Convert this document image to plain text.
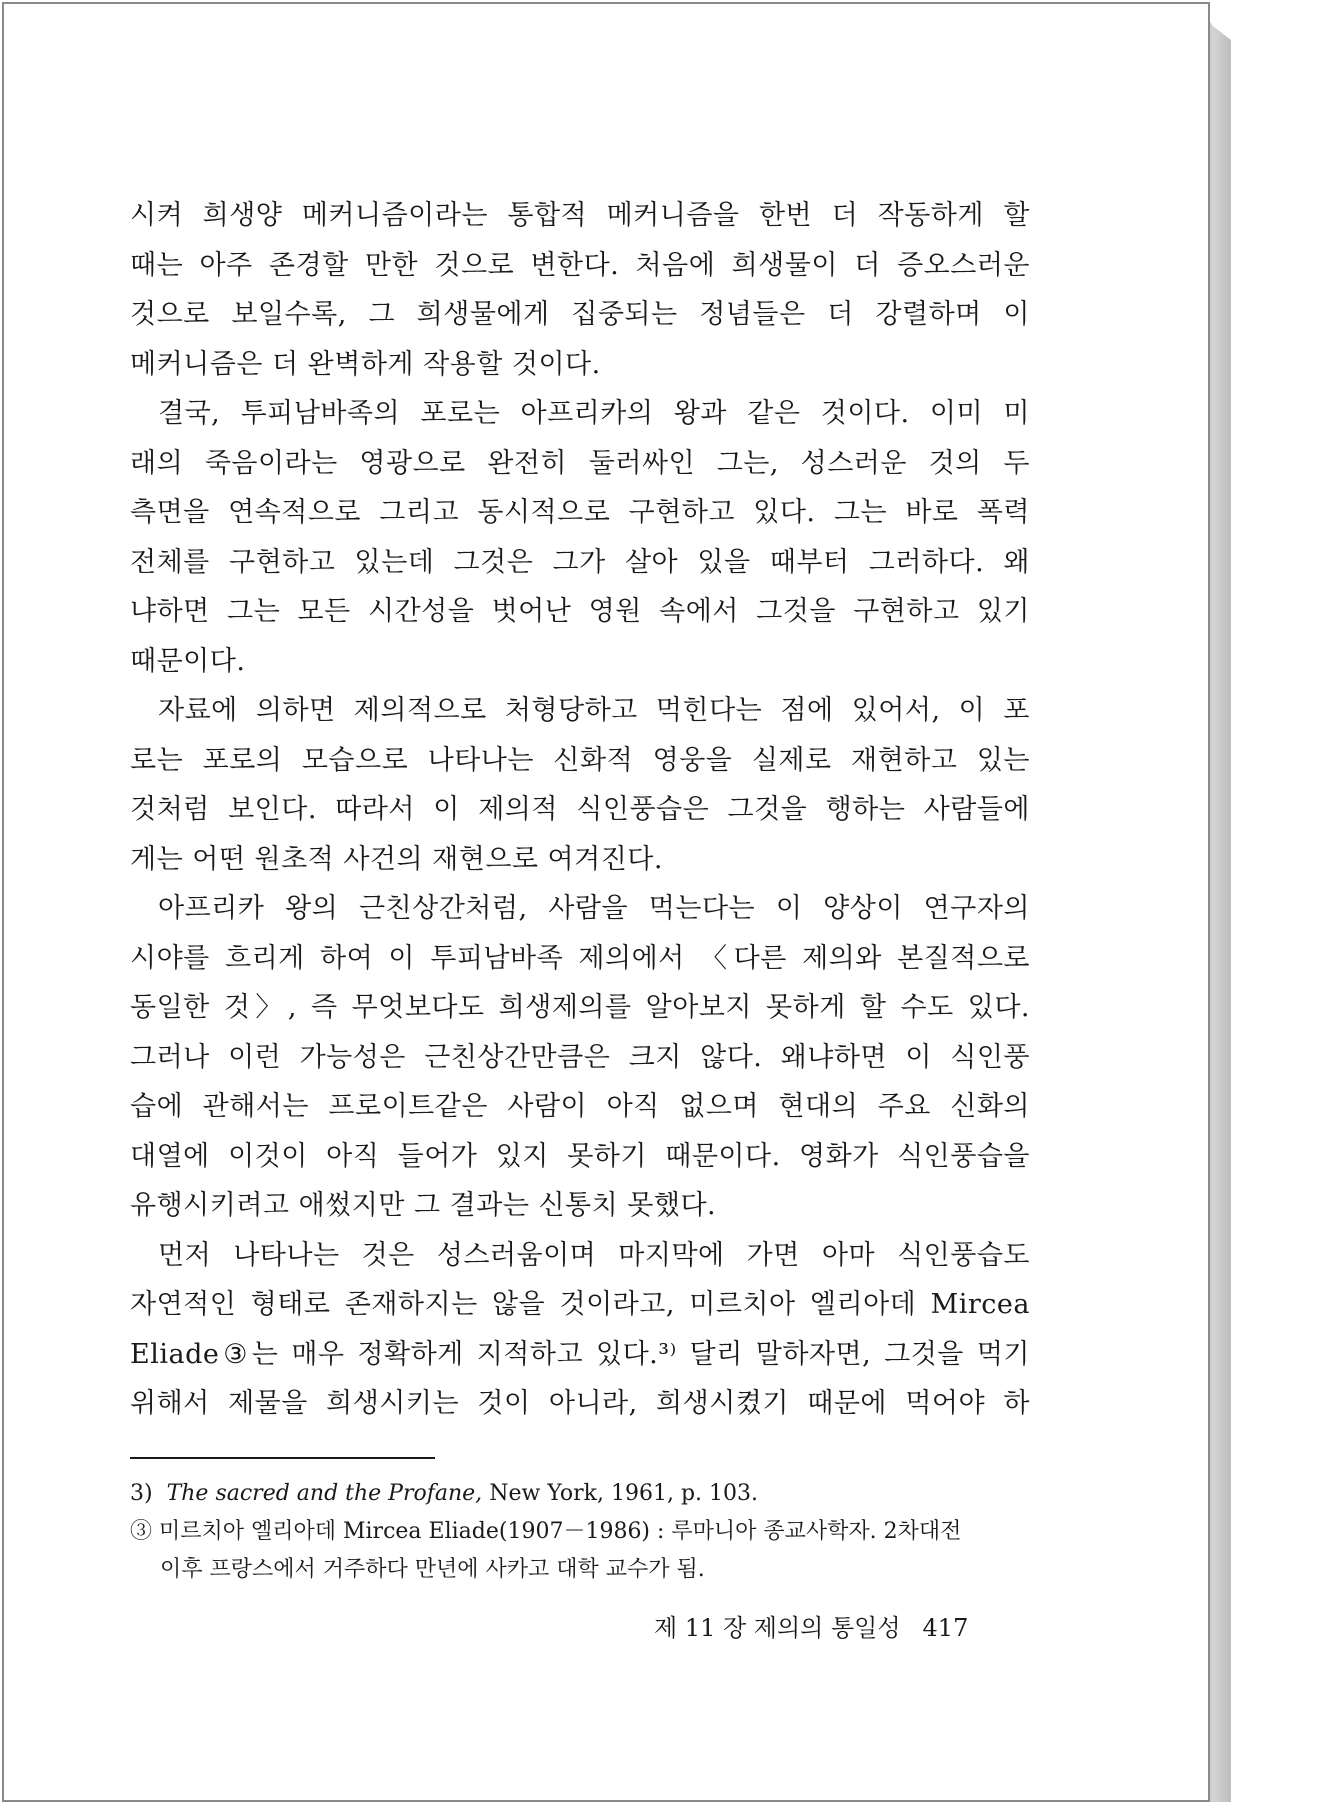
시켜 희생양 메커니즘이라는 통합적 메커니즘을 한번 더 작동하게 할
때는 아주 존경할 만한 것으로 변한다. 처음에 희생물이 더 증오스러운
것으로 보일수록, 그 희생물에게 집중되는 정념들은 더 강렬하며 이
메커니즘은 더 완벽하게 작용할 것이다.

결국, 투피남바족의 포로는 아프리카의 왕과 같은 것이다. 이미 미
래의 죽음이라는 영광으로 완전히 둘러싸인 그는, 성스러운 것의 두
측면을 연속적으로 그리고 동시적으로 구현하고 있다. 그는 바로 폭력
전체를 구현하고 있는데 그것은 그가 살아 있을 때부터 그러하다. 왜
냐하면 그는 모든 시간성을 벗어난 영원 속에서 그것을 구현하고 있기
때문이다.

자료에 의하면 제의적으로 처형당하고 먹힌다는 점에 있어서, 이 포
로는 포로의 모습으로 나타나는 신화적 영웅을 실제로 재현하고 있는
것처럼 보인다. 따라서 이 제의적 식인풍습은 그것을 행하는 사람들에
게는 어떤 원초적 사건의 재현으로 여겨진다.

아프리카 왕의 근친상간처럼, 사람을 먹는다는 이 양상이 연구자의
시야를 흐리게 하여 이 투피남바족 제의에서 〈다른 제의와 본질적으로
동일한 것〉, 즉 무엇보다도 희생제의를 알아보지 못하게 할 수도 있다.
그러나 이런 가능성은 근친상간만큼은 크지 않다. 왜냐하면 이 식인풍
습에 관해서는 프로이트같은 사람이 아직 없으며 현대의 주요 신화의
대열에 이것이 아직 들어가 있지 못하기 때문이다. 영화가 식인풍습을
유행시키려고 애썼지만 그 결과는 신통치 못했다.

먼저 나타나는 것은 성스러움이며 마지막에 가면 아마 식인풍습도
자연적인 형태로 존재하지는 않을 것이라고, 미르치아 엘리아데 Mircea
Eliade③는 매우 정확하게 지적하고 있다.³⁾ 달리 말하자면, 그것을 먹기
위해서 제물을 희생시키는 것이 아니라, 희생시켰기 때문에 먹어야 하

3) The sacred and the Profane, New York, 1961, p. 103.
③ 미르치아 엘리아데 Mircea Eliade(1907－1986) : 루마니아 종교사학자. 2차대전
이후 프랑스에서 거주하다 만년에 사카고 대학 교수가 됨.
제 11 장 제의의 통일성 417
